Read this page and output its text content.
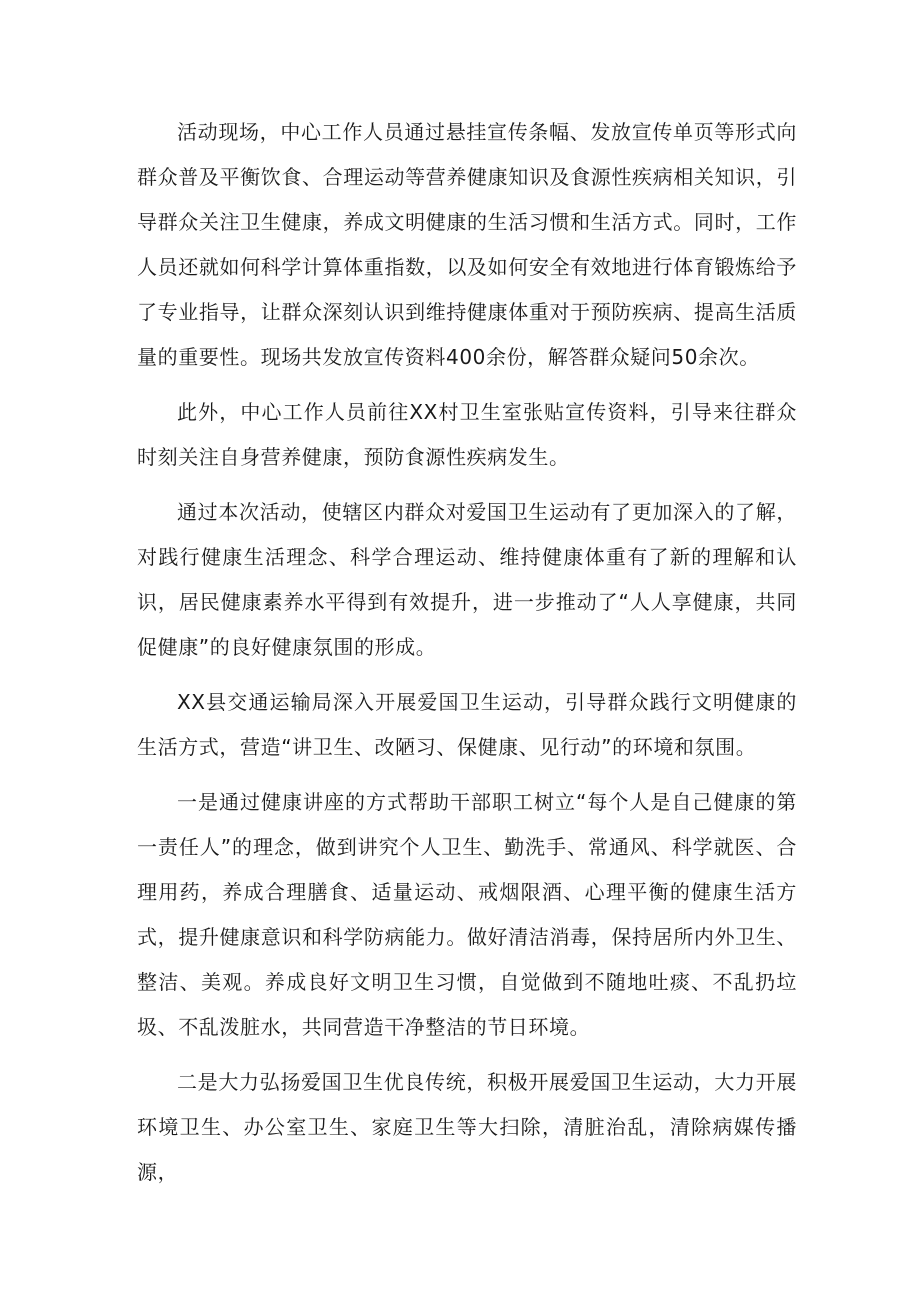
活动现场，中心工作人员通过悬挂宣传条幅、发放宣传单页等形式向群众普及平衡饮食、合理运动等营养健康知识及食源性疾病相关知识，引导群众关注卫生健康，养成文明健康的生活习惯和生活方式。同时，工作人员还就如何科学计算体重指数，以及如何安全有效地进行体育锻炼给予了专业指导，让群众深刻认识到维持健康体重对于预防疾病、提高生活质量的重要性。现场共发放宣传资料400余份，解答群众疑问50余次。

此外，中心工作人员前往XX村卫生室张贴宣传资料，引导来往群众时刻关注自身营养健康，预防食源性疾病发生。

通过本次活动，使辖区内群众对爱国卫生运动有了更加深入的了解，对践行健康生活理念、科学合理运动、维持健康体重有了新的理解和认识，居民健康素养水平得到有效提升，进一步推动了“人人享健康，共同促健康”的良好健康氛围的形成。

XX县交通运输局深入开展爱国卫生运动，引导群众践行文明健康的生活方式，营造“讲卫生、改陋习、保健康、见行动”的环境和氛围。

一是通过健康讲座的方式帮助干部职工树立“每个人是自己健康的第一责任人”的理念，做到讲究个人卫生、勤洗手、常通风、科学就医、合理用药，养成合理膳食、适量运动、戒烟限酒、心理平衡的健康生活方式，提升健康意识和科学防病能力。做好清洁消毒，保持居所内外卫生、整洁、美观。养成良好文明卫生习惯，自觉做到不随地吐痰、不乱扔垃圾、不乱泼脏水，共同营造干净整洁的节日环境。

二是大力弘扬爱国卫生优良传统，积极开展爱国卫生运动，大力开展环境卫生、办公室卫生、家庭卫生等大扫除，清脏治乱，清除病媒传播源，
